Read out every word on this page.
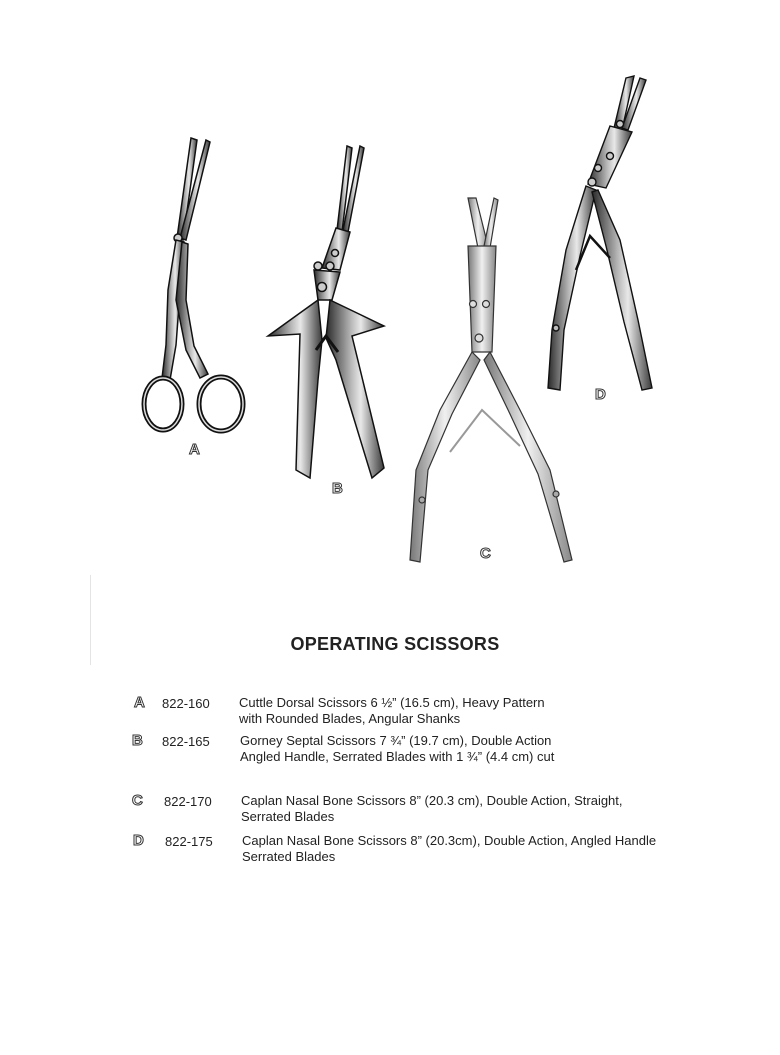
A
B
C
D
OPERATING SCISSORS
A 822-160 Cuttle Dorsal Scissors 6 ½” (16.5 cm), Heavy Pattern
with Rounded Blades, Angular Shanks
B 822-165 Gorney Septal Scissors 7 ¾” (19.7 cm), Double Action
Angled Handle, Serrated Blades with 1 ¾” (4.4 cm) cut
C 822-170 Caplan Nasal Bone Scissors 8” (20.3 cm), Double Action, Straight,
Serrated Blades
D 822-175 Caplan Nasal Bone Scissors 8” (20.3cm), Double Action, Angled Handle
Serrated Blades
